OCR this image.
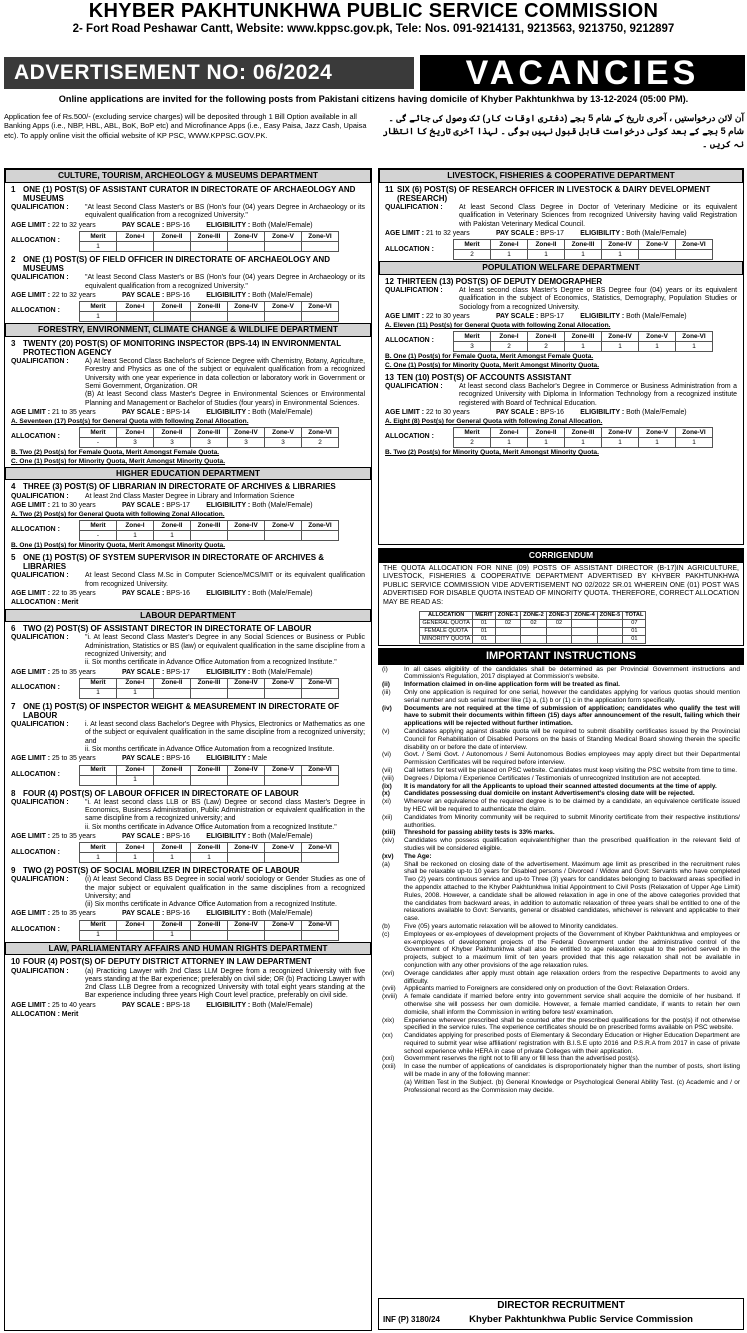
KHYBER PAKHTUNKHWA PUBLIC SERVICE COMMISSION
2- Fort Road Peshawar Cantt, Website: www.kppsc.gov.pk, Tele: Nos. 091-9214131, 9213563, 9213750, 9212897
ADVERTISEMENT NO: 06/2024	VACANCIES
Online applications are invited for the following posts from Pakistani citizens having domicile of Khyber Pakhtunkhwa by 13-12-2024 (05:00 PM).
Application fee of Rs.500/- (excluding service charges) will be deposited through 1 Bill Option available in all Banking Apps (i.e., NBP, HBL, ABL, BoK, BoP etc) and Microfinance Apps (i.e., Easy Paisa, Jazz Cash, Upaisa etc). To apply online visit the official website of KP PSC, WWW.KPPSC.GOV.PK.
آن لائن درخواستیں ، آخری تاریخ کے شام 5 بجے (دفتری اوقات کار) تک وصول کی جائے گی ۔
شام 5 بجے کے بعد کوئی درخواست قابل قبول نہیں ہوگی ۔ لہذا آخری تاریخ کا انتظار نہ کریں ۔
CULTURE, TOURISM, ARCHEOLOGY & MUSEUMS DEPARTMENT
1 ONE (1) POST(S) OF ASSISTANT CURATOR IN DIRECTORATE OF ARCHAEOLOGY AND MUSEUMS
QUALIFICATION :	"At least Second Class Master's or BS (Hon's four (04) years Degree in Archaeology or its equivalent qualification from a recognized University."
AGE LIMIT :
22 to 32 years	PAY SCALE :
BPS-16	ELIGIBILITY :
Both (Male/Female)
ALLOCATION :
Merit	Zone-I	Zone-II	Zone-III	Zone-IV	Zone-V	Zone-VI
1						
2 ONE (1) POST(S) OF FIELD OFFICER IN DIRECTORATE OF ARCHAEOLOGY AND MUSEUMS
QUALIFICATION :	"At least Second Class Master's or BS (Hon's four (04) years Degree in Archaeology or its equivalent qualification from a recognized University."
AGE LIMIT :
22 to 32 years	PAY SCALE :
BPS-16	ELIGIBILITY :
Both (Male/Female)
ALLOCATION :
Merit	Zone-I	Zone-II	Zone-III	Zone-IV	Zone-V	Zone-VI
1						
FORESTRY, ENVIRONMENT, CLIMATE CHANGE & WILDLIFE DEPARTMENT
3 TWENTY (20) POST(S) OF MONITORING INSPECTOR (BPS-14) IN ENVIRONMENTAL PROTECTION AGENCY
QUALIFICATION :	A) At least Second Class Bachelor's of Science Degree with Chemistry, Botany, Agriculture, Forestry and Physics as one of the subject or equivalent qualification from a recognized University with one year experience in data collection or laboratory work in Government or Semi Government, Organization. OR
(B) At least Second class Master's Degree in Environmental Sciences or Environmental Planning and Management or Bachelor of Studies (four years) in Environmental Sciences.
AGE LIMIT :
21 to 35 years	PAY SCALE :
BPS-14	ELIGIBILITY :
Both (Male/Female)
A. Seventeen (17) Post(s) for General Quota with following Zonal Allocation.
ALLOCATION :
Merit	Zone-I	Zone-II	Zone-III	Zone-IV	Zone-V	Zone-VI
-	3	3	3	3	3	2
B. Two (2) Post(s) for Female Quota, Merit Amongst Female Quota.
C. One (1) Post(s) for Minority Quota, Merit Amongst Minority Quota.
HIGHER EDUCATION DEPARTMENT
4 THREE (3) POST(S) OF LIBRARIAN IN DIRECTORATE OF ARCHIVES & LIBRARIES
QUALIFICATION :	At least 2nd Class Master Degree in Library and Information Science
AGE LIMIT :
21 to 30 years	PAY SCALE :
BPS-17	ELIGIBILITY :
Both (Male/Female)
A. Two (2) Post(s) for General Quota with following Zonal Allocation.
ALLOCATION :
Merit	Zone-I	Zone-II	Zone-III	Zone-IV	Zone-V	Zone-VI
-	1	1				
B. One (1) Post(s) for Minority Quota, Merit Amongst Minority Quota.
5 ONE (1) POST(S) OF SYSTEM SUPERVISOR IN DIRECTORATE OF ARCHIVES & LIBRARIES
QUALIFICATION :	At least Second Class M.Sc in Computer Science/MCS/MIT or its equivalent qualification from recognized University.
AGE LIMIT :
22 to 35 years	PAY SCALE :
BPS-16	ELIGIBILITY :
Both (Male/Female)
ALLOCATION :
Merit
LABOUR DEPARTMENT
6 TWO (2) POST(S) OF ASSISTANT DIRECTOR IN DIRECTORATE OF LABOUR
QUALIFICATION :	"i. At least Second Class Master's Degree in any Social Sciences or Business or Public Administration, Statistics or BS (law) or equivalent qualification in the same discipline from a recognized University; and
ii. Six months certificate in Advance Office Automation from a recognized Institute."
AGE LIMIT :
25 to 35 years	PAY SCALE :
BPS-17	ELIGIBILITY :
Both (Male/Female)
ALLOCATION :
Merit	Zone-I	Zone-II	Zone-III	Zone-IV	Zone-V	Zone-VI
1	1					
7 ONE (1) POST(S) OF INSPECTOR WEIGHT & MEASUREMENT IN DIRECTORATE OF LABOUR
QUALIFICATION :	i. At least second class Bachelor's Degree with Physics, Electronics or Mathematics as one of the subject or equivalent qualification in the same discipline from a recognized university; and
ii. Six months certificate in Advance Office Automation from a recognized Institute.
AGE LIMIT :
25 to 35 years	PAY SCALE :
BPS-16	ELIGIBILITY :
Male
ALLOCATION :
Merit	Zone-I	Zone-II	Zone-III	Zone-IV	Zone-V	Zone-VI
	1					
8 FOUR (4) POST(S) OF LABOUR OFFICER IN DIRECTORATE OF LABOUR
QUALIFICATION :	"i. At least second class LLB or BS (Law) Degree or second class Master's Degree in Economics, Business Administration, Public Administration or equivalent qualification in the same discipline from a recognized university; and
ii. Six months certificate in Advance Office Automation from a recognized Institute."
AGE LIMIT :
25 to 35 years	PAY SCALE :
BPS-16	ELIGIBILITY :
Both (Male/Female)
ALLOCATION :
Merit	Zone-I	Zone-II	Zone-III	Zone-IV	Zone-V	Zone-VI
1	1	1	1			
9 TWO (2) POST(S) OF SOCIAL MOBILIZER IN DIRECTORATE OF LABOUR
QUALIFICATION :	(i) At least Second Class BS Degree in social work/ sociology or Gender Studies as one of the major subject or equivalent qualification in the same disciplines from a recognized University; and
(ii) Six months certificate in Advance Office Automation from a recognized Institute.
AGE LIMIT :
25 to 35 years	PAY SCALE :
BPS-16	ELIGIBILITY :
Both (Male/Female)
ALLOCATION :
Merit	Zone-I	Zone-II	Zone-III	Zone-IV	Zone-V	Zone-VI
1		1				
LAW, PARLIAMENTARY AFFAIRS AND HUMAN RIGHTS DEPARTMENT
10 FOUR (4) POST(S) OF DEPUTY DISTRICT ATTORNEY IN LAW DEPARTMENT
QUALIFICATION :	(a) Practicing Lawyer with 2nd Class LLM Degree from a recognized University with five years standing at the Bar experience; preferably on civil side; OR (b) Practicing Lawyer with 2nd Class LLB Degree from a recognized University with total eight years standing at the Bar experience including three years High Court level practice, preferably on civil side.
AGE LIMIT :
25 to 40 years	PAY SCALE :
BPS-18	ELIGIBILITY :
Both (Male/Female)
ALLOCATION :
Merit
LIVESTOCK, FISHERIES & COOPERATIVE DEPARTMENT
11 SIX (6) POST(S) OF RESEARCH OFFICER IN LIVESTOCK & DAIRY DEVELOPMENT (RESEARCH)
QUALIFICATION :	At least Second Class Degree in Doctor of Veterinary Medicine or its equivalent qualification in Veterinary Sciences from recognized University having valid Registration with Pakistan Veterinary Medical Council.
AGE LIMIT :
21 to 32 years	PAY SCALE :
BPS-17	ELIGIBILITY :
Both (Male/Female)
ALLOCATION :
Merit	Zone-I	Zone-II	Zone-III	Zone-IV	Zone-V	Zone-VI
2	1	1	1	1		
POPULATION WELFARE DEPARTMENT
12 THIRTEEN (13) POST(S) OF DEPUTY DEMOGRAPHER
QUALIFICATION :	At least second class Master's Degree or BS Degree four (04) years or its equivalent qualification in the subject of Economics, Statistics, Demography, Population Studies or Sociology from a recognized University.
AGE LIMIT :
22 to 30 years	PAY SCALE :
BPS-17	ELIGIBILITY :
Both (Male/Female)
A. Eleven (11) Post(s) for General Quota with following Zonal Allocation.
ALLOCATION :
Merit	Zone-I	Zone-II	Zone-III	Zone-IV	Zone-V	Zone-VI
3	2	2	1	1	1	1
B. One (1) Post(s) for Female Quota, Merit Amongst Female Quota.
C. One (1) Post(s) for Minority Quota, Merit Amongst Minority Quota.
13 TEN (10) POST(S) OF ACCOUNTS ASSISTANT
QUALIFICATION :	At least second class Bachelor's Degree in Commerce or Business Administration from a recognized University with Diploma in Information Technology from a recognized institute registered with Board of Technical Education.
AGE LIMIT :
22 to 30 years	PAY SCALE :
BPS-16	ELIGIBILITY :
Both (Male/Female)
A. Eight (8) Post(s) for General Quota with following Zonal Allocation.
ALLOCATION :
Merit	Zone-I	Zone-II	Zone-III	Zone-IV	Zone-V	Zone-VI
2	1	1	1	1	1	1
B. Two (2) Post(s) for Minority Quota, Merit Amongst Minority Quota.
CORRIGENDUM
THE QUOTA ALLOCATION FOR NINE (09) POSTS OF ASSISTANT DIRECTOR (B-17)IN AGRICULTURE, LIVESTOCK, FISHERIES & COOPERATIVE DEPARTMENT ADVERTISED BY KHYBER PAKHTUNKHWA PUBLIC SERVICE COMMISSION VIDE ADVERTISEMENT NO 02/2022 SR.01 WHEREIN ONE (01) POST WAS ADVERTISED FOR DISABLE QUOTA INSTEAD OF MINORITY QUOTA. THEREFORE, CORRECT ALLOCATION MAY BE READ AS:
ALLOCATION	MERIT	ZONE-1	ZONE-2	ZONE-3	ZONE-4	ZONE-5	TOTAL
GENERAL QUOTA	01	02	02	02			07
FEMALE QUOTA	01						01
MINORITY QUOTA	01						01
IMPORTANT INSTRUCTIONS
(i)	In all cases eligibility of the candidates shall be determined as per Provincial Government instructions and Commission's Regulation, 2017 displayed at Commission's website.
(ii)	Information claimed in on-line application form will be treated as final.
(iii)	Only one application is required for one serial, however the candidates applying for various quotas should mention serial number and sub serial number like (1) a, (1) b or (1) c in the application form specifically.
(iv)	Documents are not required at the time of submission of application; candidates who qualify the test will have to submit their documents within fifteen (15) days after announcement of the result, failing which their applications will be rejected without further intimation.
(v)	Candidates applying against disable quota will be required to submit disability certificates issued by the Provincial Council for Rehabilitation of Disabled Persons on the basis of Standing Medical Board showing therein the specific disability on or before the date of interview.
(vi)	Govt. / Semi Govt. / Autonomous / Semi Autonomous Bodies employees may apply direct but their Departmental Permission Certificates will be required before interview.
(vii)	Call letters for test will be placed on PSC website. Candidates must keep visiting the PSC website from time to time.
(viii)	Degrees / Diploma / Experience Certificates / Testimonials of unrecognized Institution are not accepted.
(ix)	It is mandatory for all the Applicants to upload their scanned attested documents at the time of apply.
(x)	Candidates possessing dual domicile on instant Advertisement's closing date will be rejected.
(xi)	Wherever an equivalence of the required degree is to be claimed by a candidate, an equivalence certificate issued by HEC will be required to authenticate the claim.
(xii)	Candidates from Minority community will be required to submit Minority certificate from their respective institutions/ authorities.
(xiii)	Threshold for passing ability tests is 33% marks.
(xiv)	Candidates who possess qualification equivalent/higher than the prescribed qualification in the relevant field of studies will be considered eligible.
(xv)	The Age:
(a)	Shall be reckoned on closing date of the advertisement. Maximum age limit as prescribed in the recruitment rules shall be relaxable up-to 10 years for Disabled persons / Divorced / Widow and Govt: Servants who have completed Two (2) years continuous service and up-to Three (3) years for candidates belonging to backward areas specified in the appendix attached to the Khyber Pakhtunkhwa Initial Appointment to Civil Posts (Relaxation of Upper Age Limit) Rules, 2008. However, a candidate shall be allowed relaxation in age in one of the above categories provided that the candidates from backward areas, in addition to automatic relaxation of three years shall be entitled to one of the relaxations available to Govt: Servants, general or disabled candidates, whichever is relevant and applicable to their case.
(b)	Five (05) years automatic relaxation will be allowed to Minority candidates.
(c)	Employees or ex-employees of development projects of the Government of Khyber Pakhtunkhwa and employees or ex-employees of development projects of the Federal Government under the administrative control of the Government of Khyber Pakhtunkhwa shall also be entitled to age relaxation equal to the period served in the projects, subject to a maximum limit of ten years provided that this age relaxation shall not be available in conjunction with any other provisions of the age relaxation rules.
(xvi)	Overage candidates after apply must obtain age relaxation orders from the respective Departments to avoid any difficulty.
(xvii)	Applicants married to Foreigners are considered only on production of the Govt: Relaxation Orders.
(xviii)	A female candidate if married before entry into government service shall acquire the domicile of her husband. If otherwise she will possess her own domicile. However, a female married candidate, if wants to retain her own domicile, shall inform the Commission in writing before test/ examination.
(xix)	Experience wherever prescribed shall be counted after the prescribed qualifications for the post(s) if not otherwise specified in the service rules. The experience certificates should be on prescribed forms available on PSC website.
(xx)	Candidates applying for prescribed posts of Elementary & Secondary Education or Higher Education Department are required to submit year wise affiliation/ registration with B.I.S.E upto 2016 and P.S.R.A from 2017 in case of private school experience while HERA in case of private Colleges with their application.
(xxi)	Government reserves the right not to fill any or fill less than the advertised post(s).
(xxii)	In case the number of applications of candidates is disproportionately higher than the number of posts, short listing will be made in any of the following manner:
(a) Written Test in the Subject. (b) General Knowledge or Psychological General Ability Test. (c) Academic and / or Professional record as the Commission may decide.
DIRECTOR RECRUITMENT
Khyber Pakhtunkhwa Public Service Commission
INF (P) 3180/24
